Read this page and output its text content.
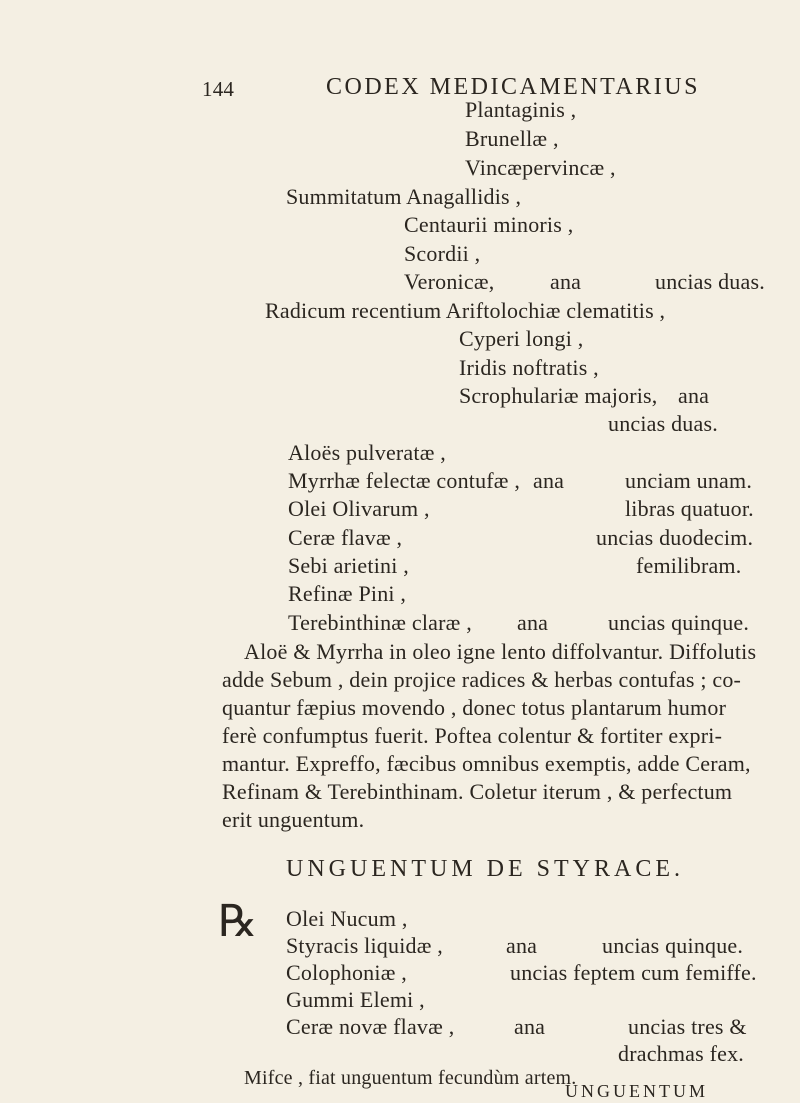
144	CODEX MEDICAMENTARIUS
Plantaginis ,
Brunellæ ,
Vincæpervincæ ,
Summitatum Anagallidis ,
Centaurii minoris ,
Scordii ,
Veronicæ,	ana	uncias duas.
Radicum recentium Ariftolochiæ clematitis ,
Cyperi longi ,
Iridis noftratis ,
Scrophulariæ majoris, ana
uncias duas.
Aloës pulveratæ ,
Myrrhæ felectæ contufæ , ana	unciam unam.
Olei Olivarum ,	libras quatuor.
Ceræ flavæ ,	uncias duodecim.
Sebi arietini ,	femilibram.
Refinæ Pini ,
Terebinthinæ claræ , ana	uncias quinque.
Aloë & Myrrha in oleo igne lento diffolvantur. Diffolutis
adde Sebum , dein projice radices & herbas contufas ; co-
quantur fæpius movendo , donec totus plantarum humor
ferè confumptus fuerit. Poftea colentur & fortiter expri-
mantur. Expreffo, fæcibus omnibus exemptis, adde Ceram,
Refinam & Terebinthinam. Coletur iterum , & perfectum
erit unguentum.
UNGUENTUM DE STYRACE.
℞ Olei Nucum ,
Styracis liquidæ ,	ana	uncias quinque.
Colophoniæ ,	uncias feptem cum femiffe.
Gummi Elemi ,
Ceræ novæ flavæ ,	ana	uncias tres &
drachmas fex.
Mifce , fiat unguentum fecundùm artem.
UNGUENTUM
